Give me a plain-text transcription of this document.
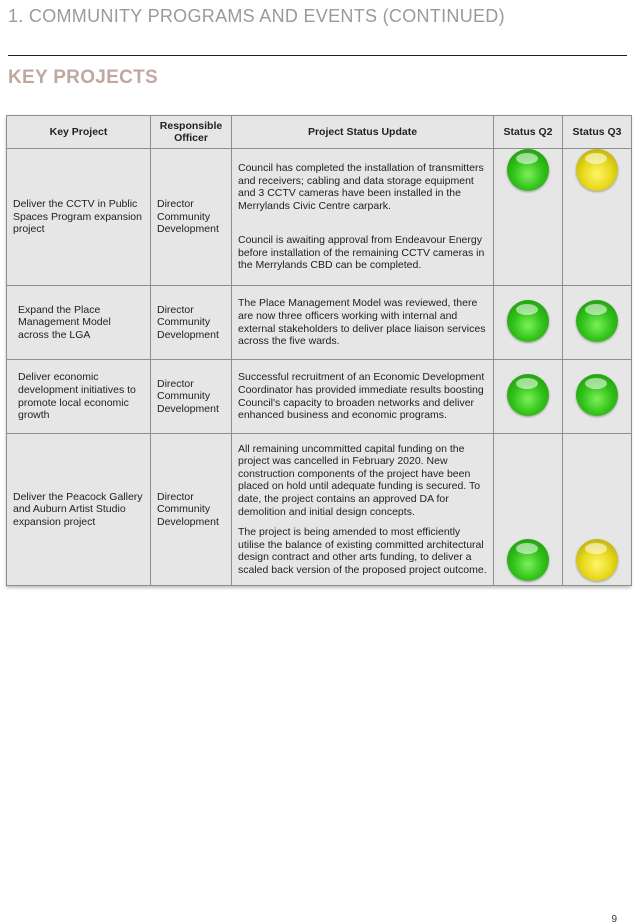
1. COMMUNITY PROGRAMS AND EVENTS (CONTINUED)
KEY PROJECTS
Key Project	Responsible Officer	Project Status Update	Status Q2	Status Q3
Deliver the CCTV in Public Spaces Program expansion project	Director Community Development	Council has completed the installation of transmitters and receivers; cabling and data storage equipment and 3 CCTV cameras have been installed in the Merrylands Civic Centre carpark.

Council is awaiting approval from Endeavour Energy before installation of the remaining CCTV cameras in the Merrylands CBD can be completed.		

Expand the Place Management Model across the LGA	Director Community Development	The Place Management Model was reviewed, there are now three officers working with internal and external stakeholders to deliver place liaison services across the five wards.		

Deliver economic development initiatives to promote local economic growth	Director Community Development	Successful recruitment of an Economic Development Coordinator has provided immediate results boosting Council's capacity to broaden networks and deliver enhanced business and economic programs.		

Deliver the Peacock Gallery and Auburn Artist Studio expansion project	Director Community Development	All remaining uncommitted capital funding on the project was cancelled in February 2020. New construction components of the project have been placed on hold until adequate funding is secured. To date, the project contains an approved DA for demolition and initial design concepts.

The project is being amended to most efficiently utilise the balance of existing committed architectural design contract and other arts funding, to deliver a scaled back version of the proposed project outcome.		

9
